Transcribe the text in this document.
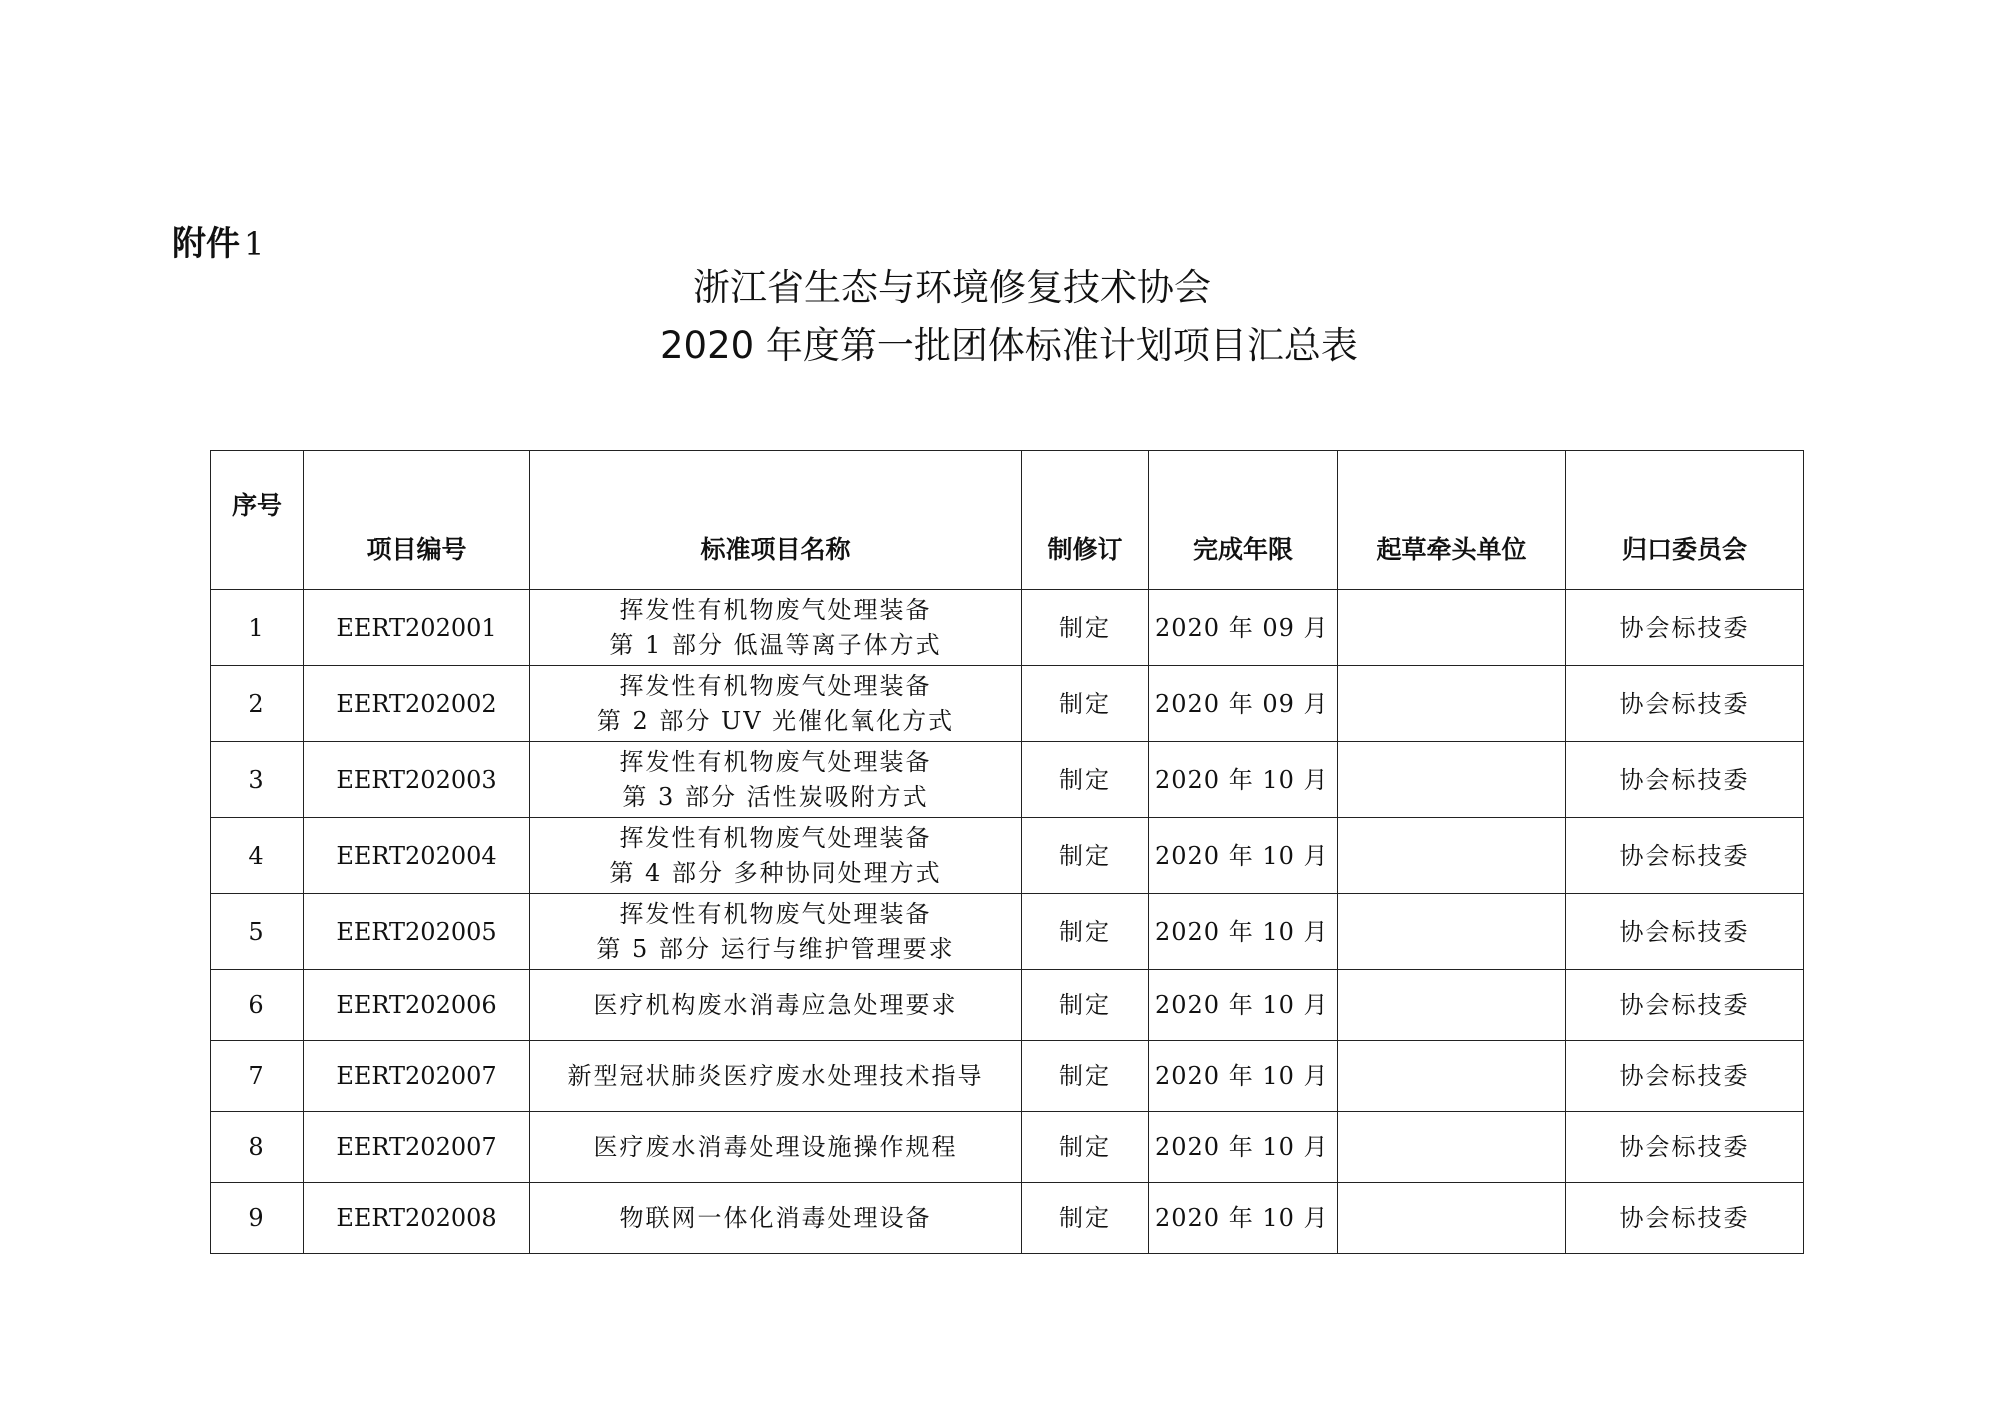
附件 1
浙江省生态与环境修复技术协会
2020 年度第一批团体标准计划项目汇总表
序号	项目编号	标准项目名称	制修订	完成年限	起草牵头单位	归口委员会

1	EERT202001	挥发性有机物废气处理装备
第 1 部分 低温等离子体方式	制定	2020 年 09 月		协会标技委
2	EERT202002	挥发性有机物废气处理装备
第 2 部分 UV 光催化氧化方式	制定	2020 年 09 月		协会标技委
3	EERT202003	挥发性有机物废气处理装备
第 3 部分 活性炭吸附方式	制定	2020 年 10 月		协会标技委
4	EERT202004	挥发性有机物废气处理装备
第 4 部分 多种协同处理方式	制定	2020 年 10 月		协会标技委
5	EERT202005	挥发性有机物废气处理装备
第 5 部分 运行与维护管理要求	制定	2020 年 10 月		协会标技委
6	EERT202006	医疗机构废水消毒应急处理要求	制定	2020 年 10 月		协会标技委
7	EERT202007	新型冠状肺炎医疗废水处理技术指导	制定	2020 年 10 月		协会标技委
8	EERT202007	医疗废水消毒处理设施操作规程	制定	2020 年 10 月		协会标技委
9	EERT202008	物联网一体化消毒处理设备	制定	2020 年 10 月		协会标技委
